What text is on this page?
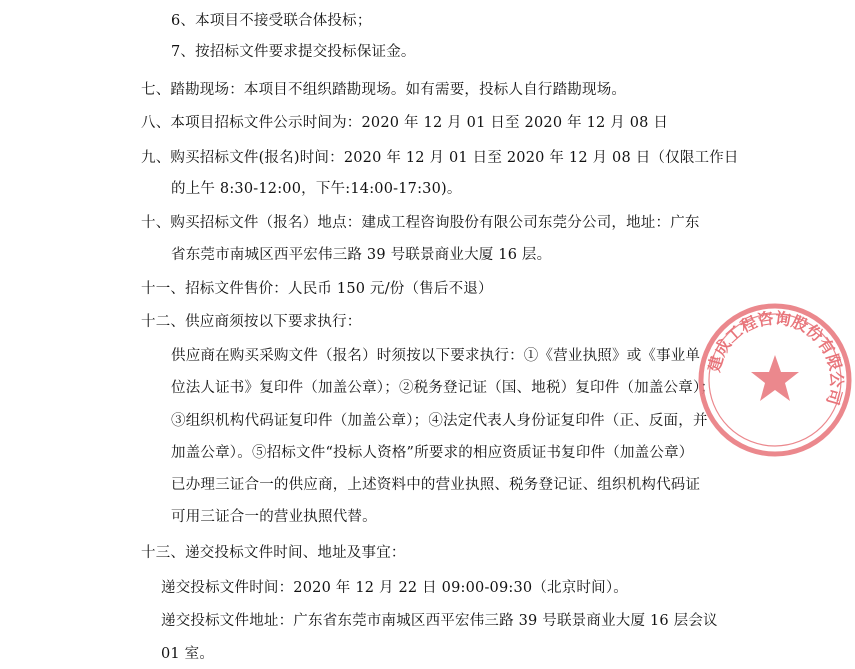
6、本项目不接受联合体投标；
7、按招标文件要求提交投标保证金。
七、踏勘现场：本项目不组织踏勘现场。如有需要，投标人自行踏勘现场。
八、本项目招标文件公示时间为：2020 年 12 月 01 日至 2020 年 12 月 08 日
九、购买招标文件(报名)时间：2020 年 12 月 01 日至 2020 年 12 月 08 日（仅限工作日
的上午 8:30-12:00，下午:14:00-17:30)。
十、购买招标文件（报名）地点：建成工程咨询股份有限公司东莞分公司，地址：广东
省东莞市南城区西平宏伟三路 39 号联景商业大厦 16 层。
十一、招标文件售价：人民币 150 元/份（售后不退）
十二、供应商须按以下要求执行：
供应商在购买采购文件（报名）时须按以下要求执行：①《营业执照》或《事业单
位法人证书》复印件（加盖公章）；②税务登记证（国、地税）复印件（加盖公章）；
③组织机构代码证复印件（加盖公章）；④法定代表人身份证复印件（正、反面，并
加盖公章）。⑤招标文件“投标人资格”所要求的相应资质证书复印件（加盖公章）
已办理三证合一的供应商，上述资料中的营业执照、税务登记证、组织机构代码证
可用三证合一的营业执照代替。
十三、递交投标文件时间、地址及事宜：
递交投标文件时间：2020 年 12 月 22 日 09:00-09:30（北京时间）。
递交投标文件地址：广东省东莞市南城区西平宏伟三路 39 号联景商业大厦 16 层会议
01 室。
建成工程咨询股份有限公司
